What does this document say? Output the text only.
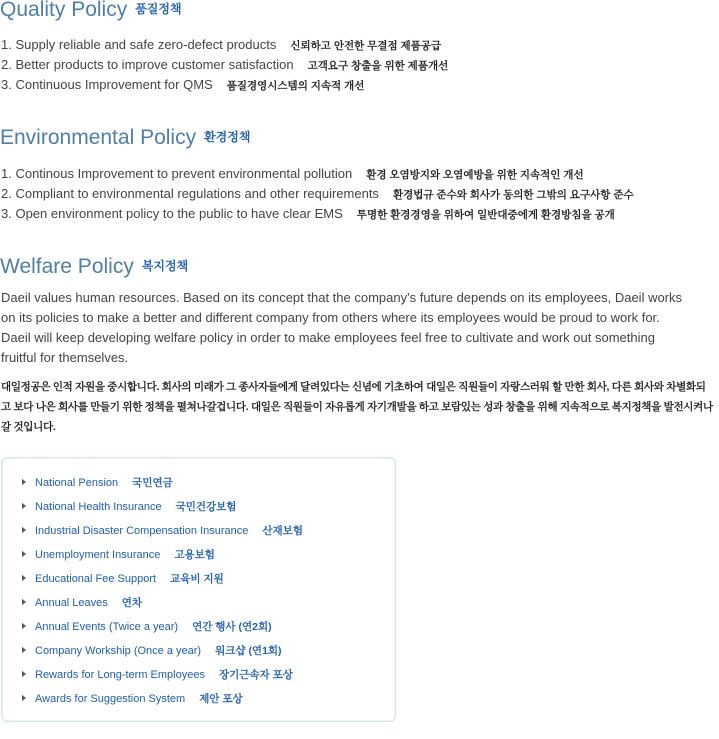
Quality Policy 품질정책
1. Supply reliable and safe zero-defect products 신뢰하고 안전한 무결점 제품공급
2. Better products to improve customer satisfaction 고객요구 창출을 위한 제품개선
3. Continuous Improvement for QMS 품질경영시스템의 지속적 개선
Environmental Policy 환경정책
1. Continous Improvement to prevent environmental pollution 환경 오염방지와 오염예방을 위한 지속적인 개선
2. Compliant to environmental regulations and other requirements 환경법규 준수와 회사가 동의한 그밖의 요구사항 준수
3. Open environment policy to the public to have clear EMS 투명한 환경경영을 위하여 일반대중에게 환경방침을 공개
Welfare Policy 복지정책
Daeil values human resources. Based on its concept that the company's future depends on its employees, Daeil works on its policies to make a better and different company from others where its employees would be proud to work for. Daeil will keep developing welfare policy in order to make employees feel free to cultivate and work out something fruitful for themselves.
대일정공은 인적 자원을 중시합니다. 회사의 미래가 그 종사자들에게 달려있다는 신념에 기초하여 대일은 직원들이 자랑스러워 할 만한 회사, 다른 회사와 차별화되고 보다 나은 회사를 만들기 위한 정책을 펼쳐나갈겁니다. 대일은 직원들이 자유롭게 자기개발을 하고 보람있는 성과 창출을 위해 지속적으로 복지정책을 발전시켜나갈 것입니다.
National Pension 국민연금
National Health Insurance 국민건강보험
Industrial Disaster Compensation Insurance 산재보험
Unemployment Insurance 고용보험
Educational Fee Support 교육비 지원
Annual Leaves 연차
Annual Events (Twice a year) 연간 행사 (연2회)
Company Workship (Once a year) 워크샵 (연1회)
Rewards for Long-term Employees 장기근속자 포상
Awards for Suggestion System 제안 포상
